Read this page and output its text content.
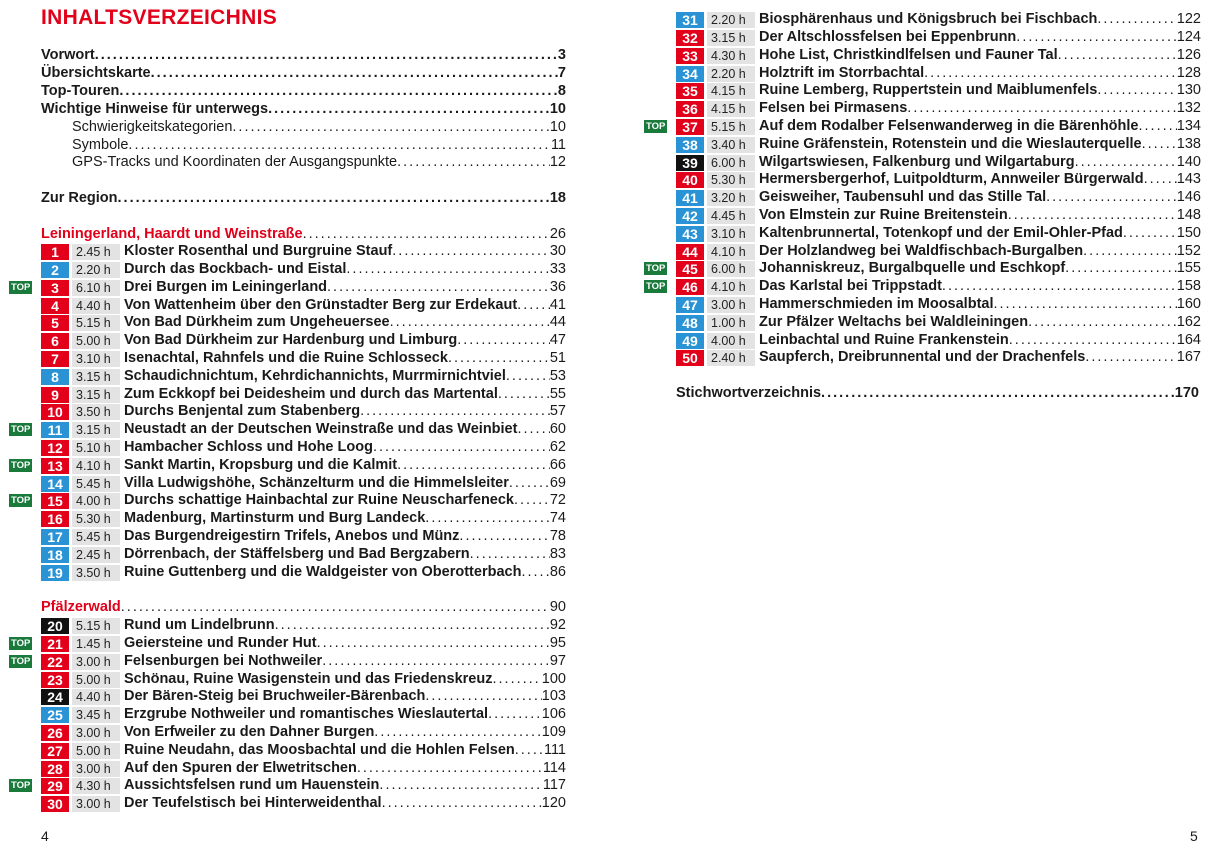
INHALTSVERZEICHNIS
Vorwort .....	3
Übersichtskarte .....	7
Top-Touren .....	8
Wichtige Hinweise für unterwegs .....	10
Schwierigkeitskategorien .....	10
Symbole .....	11
GPS-Tracks und Koordinaten der Ausgangspunkte .....	12
Zur Region .....	18
Leiningerland, Haardt und Weinstraße .....	26
Pfälzerwald .....	90
1	2.45 h Kloster Rosenthal und Burgruine Stauf .....	30
2	2.20 h Durch das Bockbach- und Eistal .....	33
TOP	3	6.10 h Drei Burgen im Leiningerland .....	36
4	4.40 h Von Wattenheim über den Grünstadter Berg zur Erdekaut ..... 41
5	5.15 h Von Bad Dürkheim zum Ungeheuersee .....	44
6	5.00 h Von Bad Dürkheim zur Hardenburg und Limburg .....	47
7	3.10 h Isenachtal, Rahnfels und die Ruine Schlosseck .....	51
8	3.15 h Schaudichnichtum, Kehrdichannichts, Murrmirnichtviel .....	53
9	3.15 h Zum Eckkopf bei Deidesheim und durch das Martental .....	55
10	3.50 h Durchs Benjental zum Stabenberg .....	57
TOP	11	3.15 h Neustadt an der Deutschen Weinstraße und das Weinbiet ..... 60
12	5.10 h Hambacher Schloss und Hohe Loog .....	62
TOP	13	4.10 h Sankt Martin, Kropsburg und die Kalmit .....	66
14	5.45 h Villa Ludwigshöhe, Schänzelturm und die Himmelsleiter .....	69
TOP	15	4.00 h Durchs schattige Hainbachtal zur Ruine Neuscharfeneck ..... 72
16	5.30 h Madenburg, Martinsturm und Burg Landeck .....	74
17	5.45 h Das Burgendreigestirn Trifels, Anebos und Münz .....	78
18	2.45 h Dörrenbach, der Stäffelsberg und Bad Bergzabern .....	83
19	3.50 h Ruine Guttenberg und die Waldgeister von Oberotterbach ..... 86
20	5.15 h Rund um Lindelbrunn .....	92
TOP	21	1.45 h Geiersteine und Runder Hut .....	95
TOP	22	3.00 h Felsenburgen bei Nothweiler .....	97
23	5.00 h Schönau, Ruine Wasigenstein und das Friedenskreuz .....	100
24	4.40 h Der Bären-Steig bei Bruchweiler-Bärenbach .....	103
25	3.45 h Erzgrube Nothweiler und romantisches Wieslautertal .....	106
26	3.00 h Von Erfweiler zu den Dahner Burgen .....	109
27	5.00 h Ruine Neudahn, das Moosbachtal und die Hohlen Felsen ..... 111
28	3.00 h Auf den Spuren der Elwetritschen .....	114
TOP	29	4.30 h Aussichtsfelsen rund um Hauenstein .....	117
30	3.00 h Der Teufelstisch bei Hinterweidenthal .....	120
31	2.20 h Biosphärenhaus und Königsbruch bei Fischbach .....	122
32	3.15 h Der Altschlossfelsen bei Eppenbrunn .....	124
33	4.30 h Hohe List, Christkindlfelsen und Fauner Tal .....	126
34	2.20 h Holztrift im Storrbachtal .....	128
35	4.15 h Ruine Lemberg, Ruppertstein und Maiblumenfels .....	130
36	4.15 h Felsen bei Pirmasens .....	132
TOP	37	5.15 h Auf dem Rodalber Felsenwanderweg in die Bärenhöhle .....	134
38	3.40 h Ruine Gräfenstein, Rotenstein und die Wieslauterquelle ..... 138
39	6.00 h Wilgartswiesen, Falkenburg und Wilgartaburg .....	140
40	5.30 h Hermersbergerhof, Luitpoldturm, Annweiler Bürgerwald ..... 143
41	3.20 h Geisweiher, Taubensuhl und das Stille Tal .....	146
42	4.45 h Von Elmstein zur Ruine Breitenstein .....	148
43	3.10 h Kaltenbrunnertal, Totenkopf und der Emil-Ohler-Pfad .....	150
44	4.10 h Der Holzlandweg bei Waldfischbach-Burgalben .....	152
TOP	45	6.00 h Johanniskreuz, Burgalbquelle und Eschkopf .....	155
TOP	46	4.10 h Das Karlstal bei Trippstadt .....	158
47	3.00 h Hammerschmieden im Moosalbtal .....	160
48	1.00 h Zur Pfälzer Weltachs bei Waldleiningen .....	162
49	4.00 h Leinbachtal und Ruine Frankenstein .....	164
50	2.40 h Saupferch, Dreibrunnental und der Drachenfels .....	167
Stichwortverzeichnis .....	170
4	5
